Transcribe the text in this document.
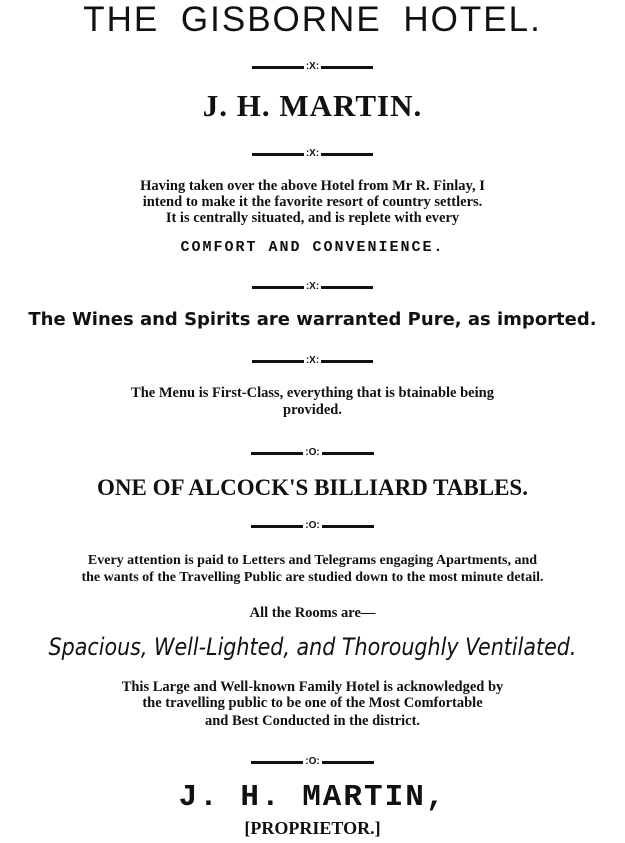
THE GISBORNE HOTEL.
:X:
J. H. MARTIN.
:X:
Having taken over the above Hotel from Mr R. Finlay, I
intend to make it the favorite resort of country settlers.
It is centrally situated, and is replete with every
COMFORT AND CONVENIENCE.
:X:
The Wines and Spirits are warranted Pure, as imported.
:X:
The Menu is First-Class, everything that is btainable being
provided.
:O:
ONE OF ALCOCK'S BILLIARD TABLES.
:O:
Every attention is paid to Letters and Telegrams engaging Apartments, and
the wants of the Travelling Public are studied down to the most minute detail.
All the Rooms are—
Spacious, Well-Lighted, and Thoroughly Ventilated.
This Large and Well-known Family Hotel is acknowledged by
the travelling public to be one of the Most Comfortable
and Best Conducted in the district.
:O:
J. H. MARTIN,
[PROPRIETOR.]
